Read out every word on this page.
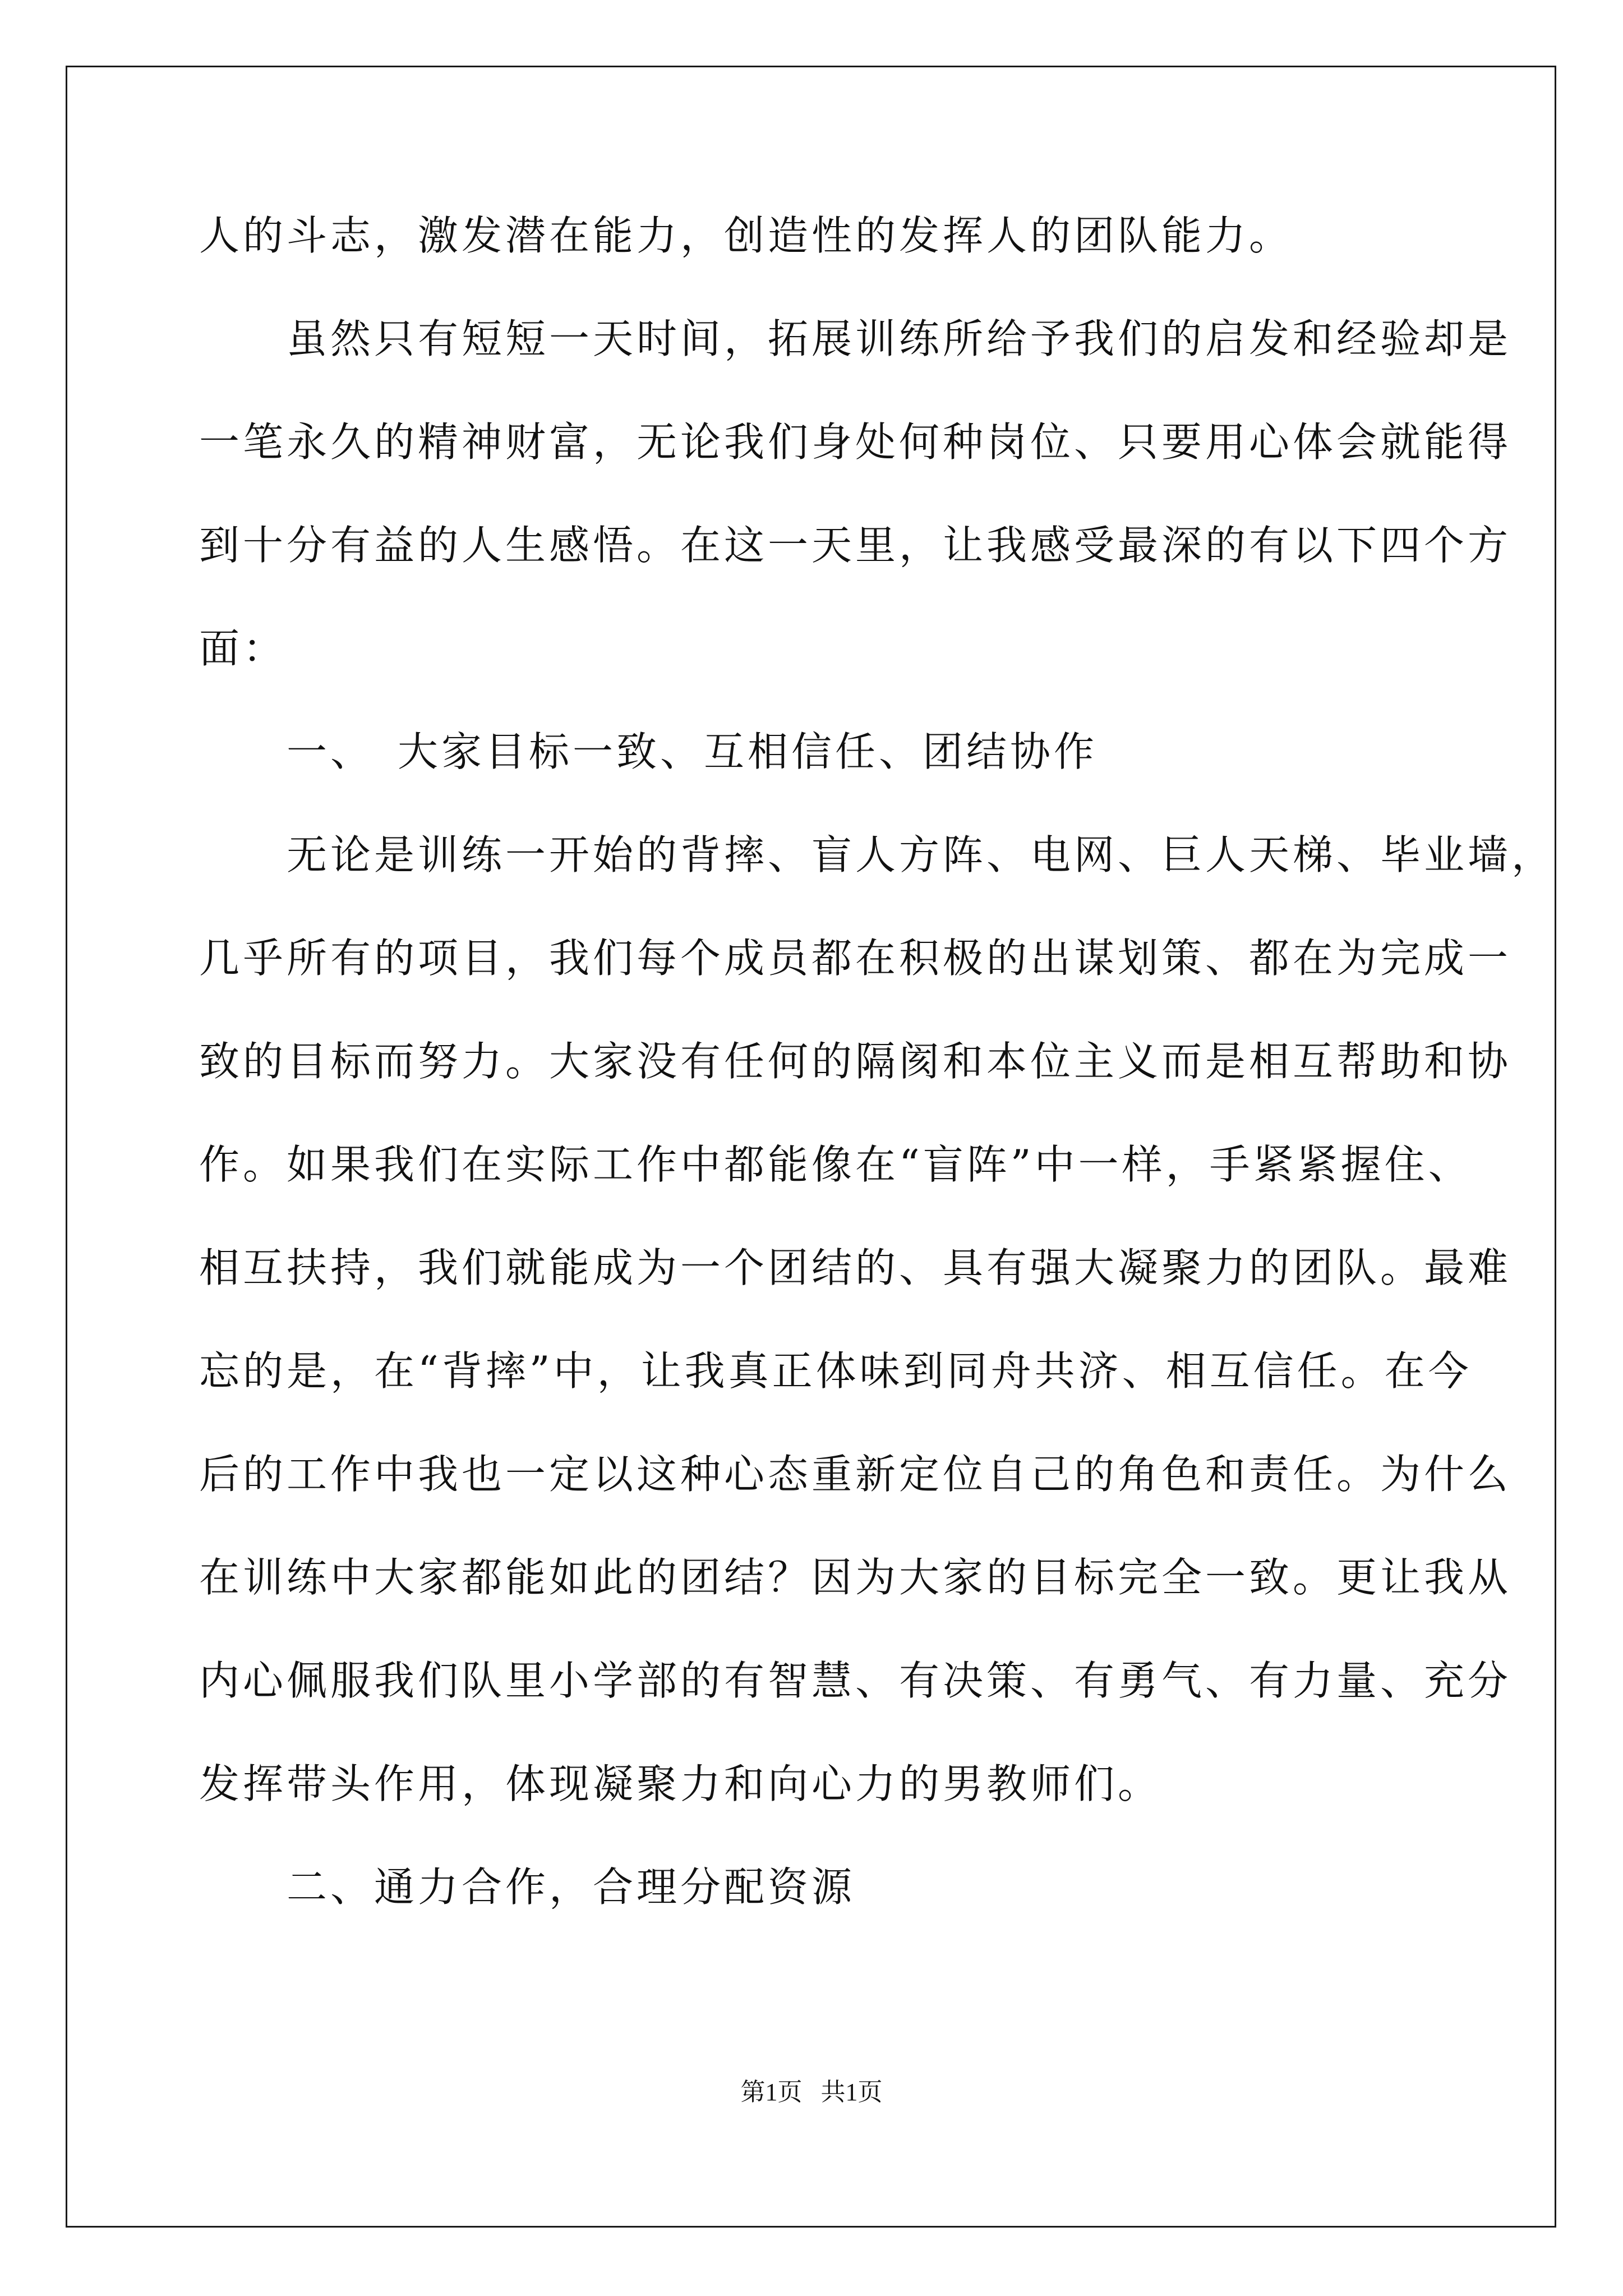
人的斗志，激发潜在能力，创造性的发挥人的团队能力。
　　虽然只有短短一天时间，拓展训练所给予我们的启发和经验却是
一笔永久的精神财富，无论我们身处何种岗位、只要用心体会就能得
到十分有益的人生感悟。在这一天里，让我感受最深的有以下四个方
面：
　　一、　大家目标一致、互相信任、团结协作
　　无论是训练一开始的背摔、盲人方阵、电网、巨人天梯、毕业墙，
几乎所有的项目，我们每个成员都在积极的出谋划策、都在为完成一
致的目标而努力。大家没有任何的隔阂和本位主义而是相互帮助和协
作。如果我们在实际工作中都能像在“盲阵”中一样，手紧紧握住、
相互扶持，我们就能成为一个团结的、具有强大凝聚力的团队。最难
忘的是，在“背摔”中，让我真正体味到同舟共济、相互信任。在今
后的工作中我也一定以这种心态重新定位自己的角色和责任。为什么
在训练中大家都能如此的团结？因为大家的目标完全一致。更让我从
内心佩服我们队里小学部的有智慧、有决策、有勇气、有力量、充分
发挥带头作用，体现凝聚力和向心力的男教师们。
　　二、通力合作，合理分配资源
第1页 共1页
